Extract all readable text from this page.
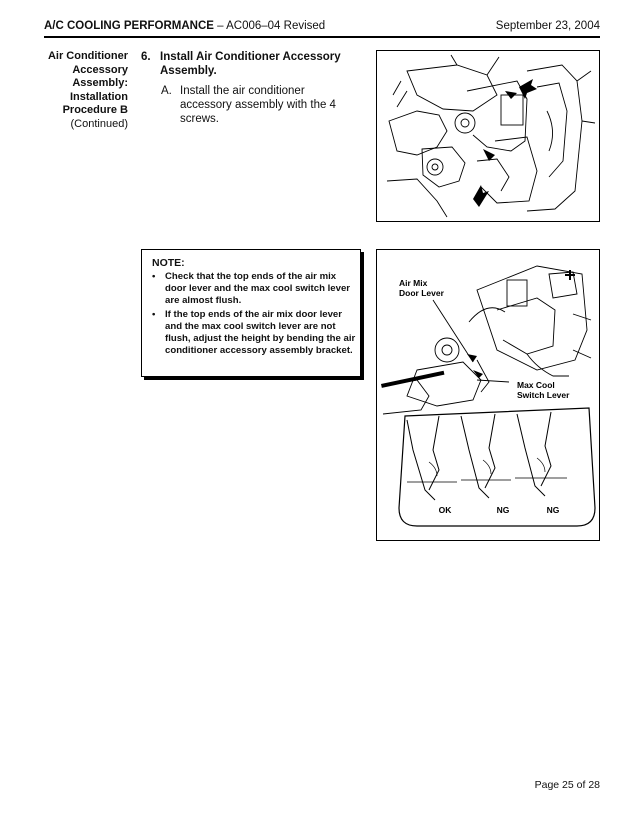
A/C COOLING PERFORMANCE – AC006–04 Revised	September 23, 2004
Air Conditioner
Accessory
Assembly:
Installation
Procedure B
(Continued)
6. Install Air Conditioner Accessory Assembly.
A. Install the air conditioner accessory assembly with the 4 screws.
NOTE:
• Check that the top ends of the air mix door lever and the max cool switch lever are almost flush.
• If the top ends of the air mix door lever and the max cool switch lever are not flush, adjust the height by bending the air conditioner accessory assembly bracket.
Air Mix
Door Lever
Max Cool
Switch Lever
OK	NG	NG
Page 25 of 28
